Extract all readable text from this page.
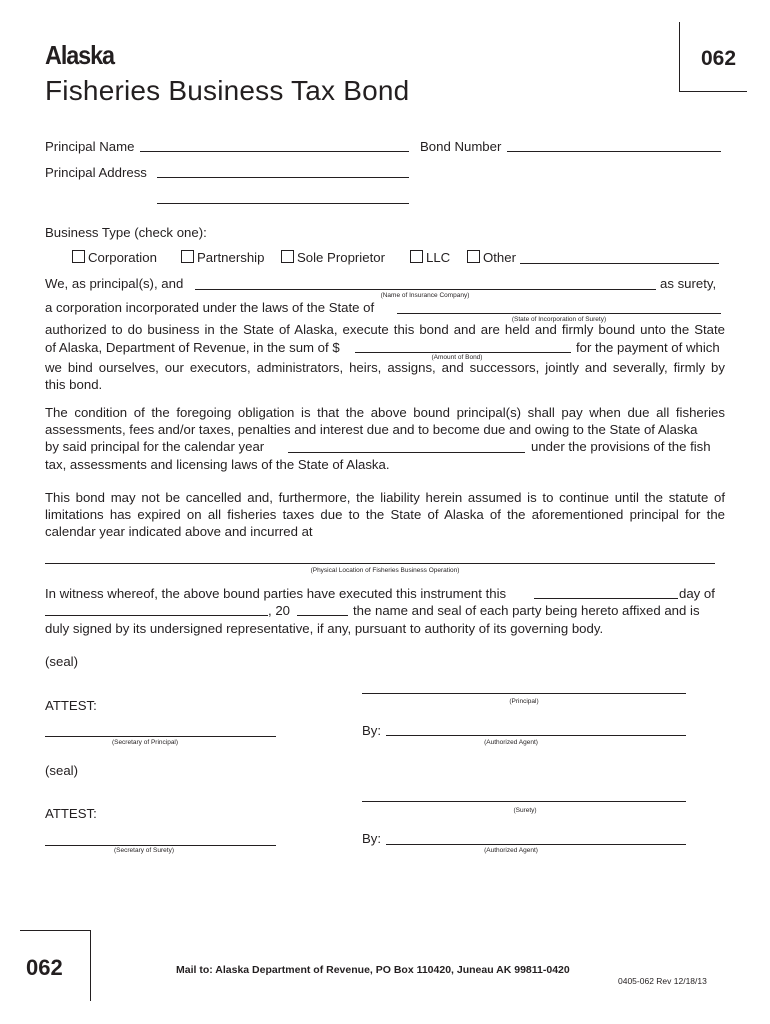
Alaska
Fisheries Business Tax Bond
062
Principal Name	Bond Number
Principal Address
Business Type (check one):
Corporation	Partnership	Sole Proprietor	LLC	Other
We, as principal(s), and	as surety,
(Name of Insurance Company)
a corporation incorporated under the laws of the State of
(State of Incorporation of Surety)
authorized to do business in the State of Alaska, execute this bond and are held and firmly bound unto the State
of Alaska, Department of Revenue, in the sum of $	for the payment of which
(Amount of Bond)
we bind ourselves, our executors, administrators, heirs, assigns, and successors, jointly and severally, firmly by
this bond.
The condition of the foregoing obligation is that the above bound principal(s) shall pay when due all fisheries assessments, fees and/or taxes, penalties and interest due and to become due and owing to the State of Alaska
by said principal for the calendar year	under the provisions of the fish
tax, assessments and licensing laws of the State of Alaska.
This bond may not be cancelled and, furthermore, the liability herein assumed is to continue until the statute of limitations has expired on all fisheries taxes due to the State of Alaska of the aforementioned principal for the calendar year indicated above and incurred at
(Physical Location of Fisheries Business Operation)
In witness whereof, the above bound parties have executed this instrument this	day of
, 20	the name and seal of each party being hereto affixed and is
duly signed by its undersigned representative, if any, pursuant to authority of its governing body.
(seal)
(Principal)
ATTEST:
By:
(Secretary of Principal)	(Authorized Agent)
(seal)
(Surety)
ATTEST:
By:
(Secretary of Surety)	(Authorized Agent)
062	Mail to: Alaska Department of Revenue, PO Box 110420, Juneau AK 99811-0420
0405-062 Rev 12/18/13
